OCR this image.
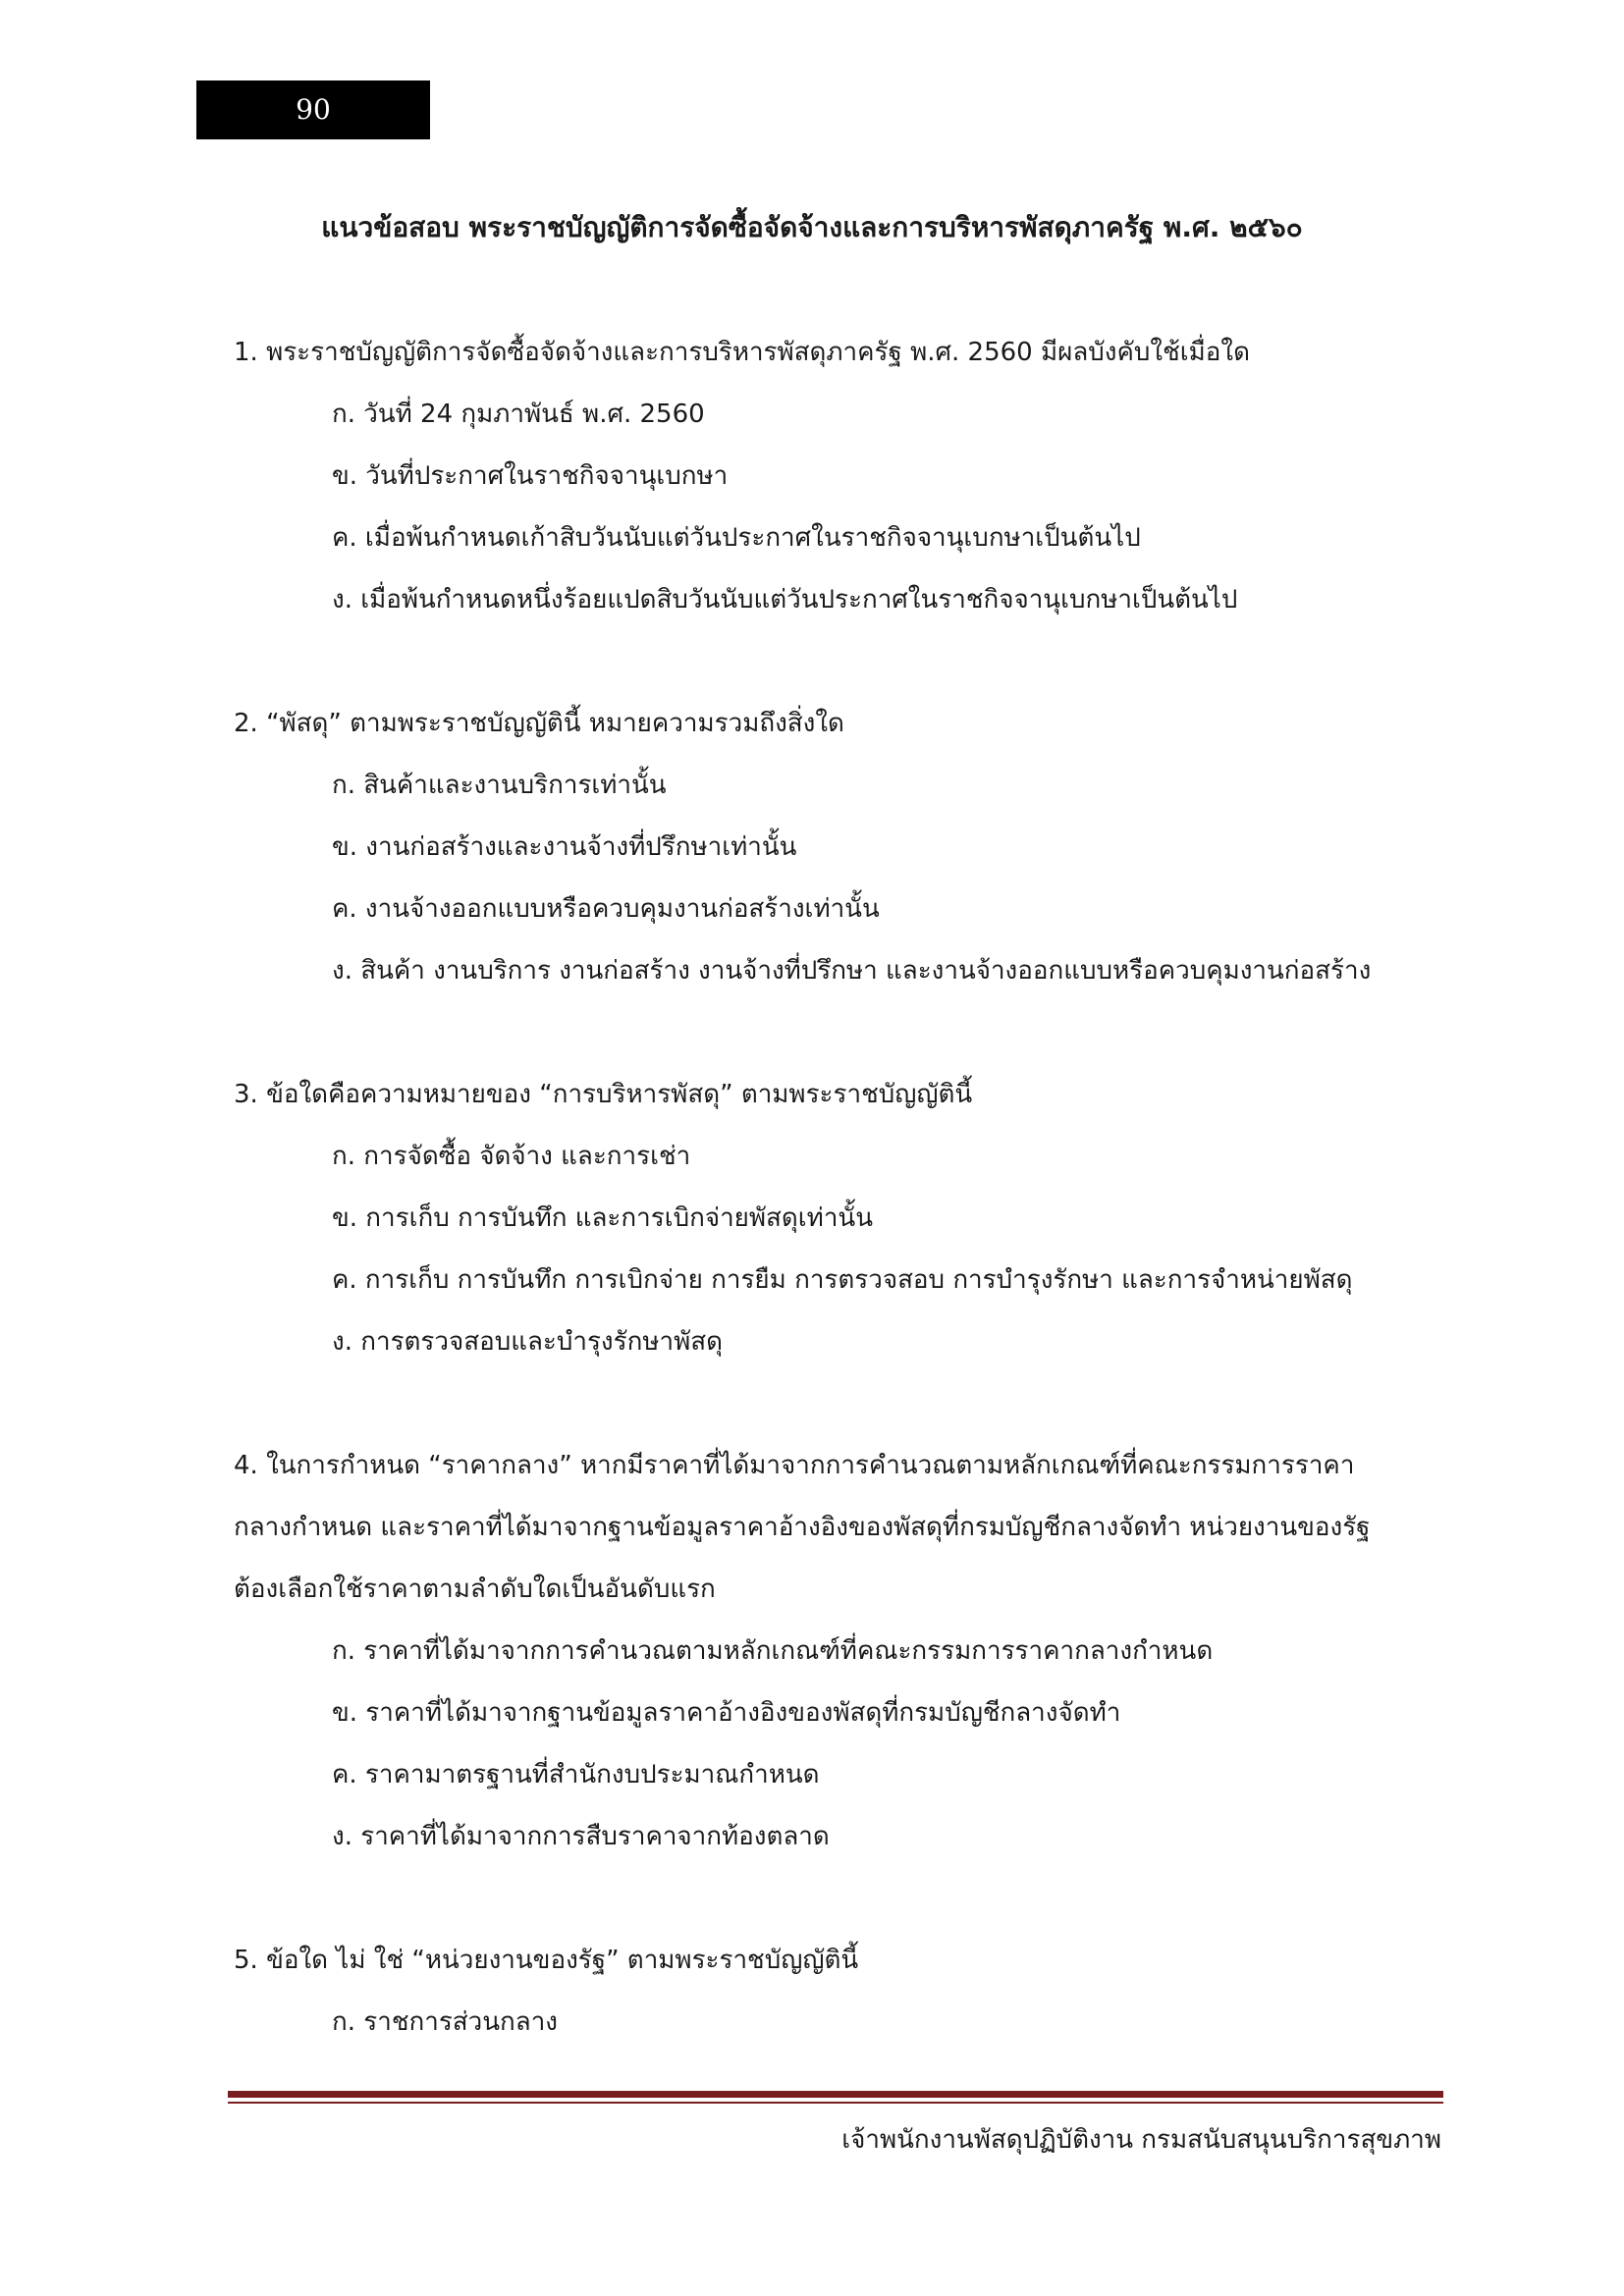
90
แนวข้อสอบ พระราชบัญญัติการจัดซื้อจัดจ้างและการบริหารพัสดุภาครัฐ พ.ศ. ๒๕๖๐
1. พระราชบัญญัติการจัดซื้อจัดจ้างและการบริหารพัสดุภาครัฐ พ.ศ. 2560 มีผลบังคับใช้เมื่อใด
ก. วันที่ 24 กุมภาพันธ์ พ.ศ. 2560
ข. วันที่ประกาศในราชกิจจานุเบกษา
ค. เมื่อพ้นกำหนดเก้าสิบวันนับแต่วันประกาศในราชกิจจานุเบกษาเป็นต้นไป
ง. เมื่อพ้นกำหนดหนึ่งร้อยแปดสิบวันนับแต่วันประกาศในราชกิจจานุเบกษาเป็นต้นไป
2. “พัสดุ” ตามพระราชบัญญัตินี้ หมายความรวมถึงสิ่งใด
ก. สินค้าและงานบริการเท่านั้น
ข. งานก่อสร้างและงานจ้างที่ปรึกษาเท่านั้น
ค. งานจ้างออกแบบหรือควบคุมงานก่อสร้างเท่านั้น
ง. สินค้า งานบริการ งานก่อสร้าง งานจ้างที่ปรึกษา และงานจ้างออกแบบหรือควบคุมงานก่อสร้าง
3. ข้อใดคือความหมายของ “การบริหารพัสดุ” ตามพระราชบัญญัตินี้
ก. การจัดซื้อ จัดจ้าง และการเช่า
ข. การเก็บ การบันทึก และการเบิกจ่ายพัสดุเท่านั้น
ค. การเก็บ การบันทึก การเบิกจ่าย การยืม การตรวจสอบ การบำรุงรักษา และการจำหน่ายพัสดุ
ง. การตรวจสอบและบำรุงรักษาพัสดุ
4. ในการกำหนด “ราคากลาง” หากมีราคาที่ได้มาจากการคำนวณตามหลักเกณฑ์ที่คณะกรรมการราคา
กลางกำหนด และราคาที่ได้มาจากฐานข้อมูลราคาอ้างอิงของพัสดุที่กรมบัญชีกลางจัดทำ หน่วยงานของรัฐ
ต้องเลือกใช้ราคาตามลำดับใดเป็นอันดับแรก
ก. ราคาที่ได้มาจากการคำนวณตามหลักเกณฑ์ที่คณะกรรมการราคากลางกำหนด
ข. ราคาที่ได้มาจากฐานข้อมูลราคาอ้างอิงของพัสดุที่กรมบัญชีกลางจัดทำ
ค. ราคามาตรฐานที่สำนักงบประมาณกำหนด
ง. ราคาที่ได้มาจากการสืบราคาจากท้องตลาด
5. ข้อใด ไม่ ใช่ “หน่วยงานของรัฐ” ตามพระราชบัญญัตินี้
ก. ราชการส่วนกลาง
เจ้าพนักงานพัสดุปฏิบัติงาน กรมสนับสนุนบริการสุขภาพ
